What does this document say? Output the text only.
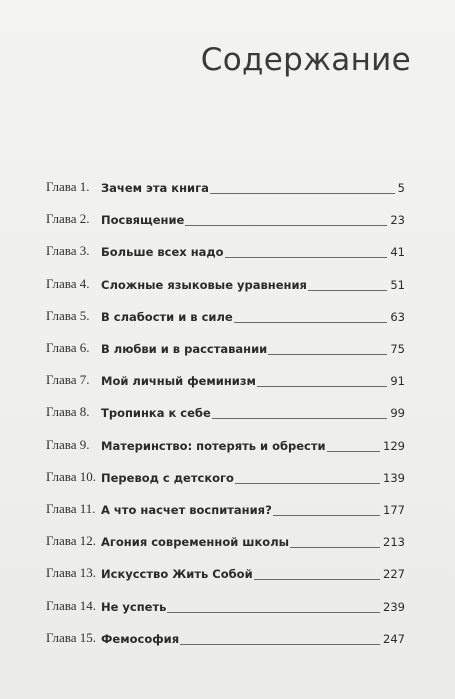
Содержание
Глава 1. Зачем эта книга	5
Глава 2. Посвящение	23
Глава 3. Больше всех надо	41
Глава 4. Сложные языковые уравнения	51
Глава 5. В слабости и в силе	63
Глава 6. В любви и в расставании	75
Глава 7. Мой личный феминизм	91
Глава 8. Тропинка к себе	99
Глава 9. Материнство: потерять и обрести	129
Глава 10. Перевод с детского	139
Глава 11. А что насчет воспитания?	177
Глава 12. Агония современной школы	213
Глава 13. Искусство Жить Собой	227
Глава 14. Не успеть	239
Глава 15. Фемософия	247
